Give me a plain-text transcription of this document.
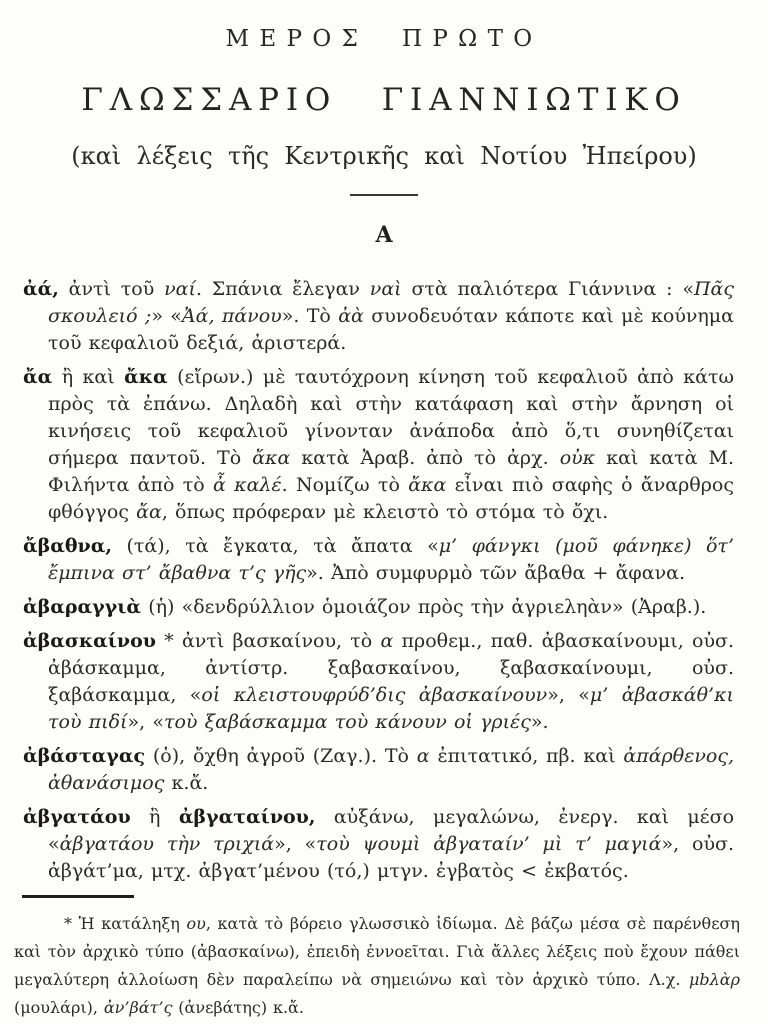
ΜΕΡΟΣ ΠΡΩΤΟ
ΓΛΩΣΣΑΡΙΟ ΓΙΑΝΝΙΩΤΙΚΟ

(καὶ λέξεις τῆς Κεντρικῆς καὶ Νοτίου Ἠπείρου)

Α

ἀά, ἀντὶ τοῦ ναί. Σπάνια ἔλεγαν ναὶ στὰ παλιότερα Γιάννινα : «Πᾶς σκουλειό ;» «Ἀά, πάνου». Τὸ ἀὰ συνοδευόταν κάποτε καὶ μὲ κούνημα τοῦ κεφαλιοῦ δεξιά, ἀριστερά.

ἄα ἢ καὶ ἄκα (εἴρων.) μὲ ταυτόχρονη κίνηση τοῦ κεφαλιοῦ ἀπὸ κάτω πρὸς τὰ ἐπάνω. Δηλαδὴ καὶ στὴν κατάφαση καὶ στὴν ἄρνηση οἱ κινήσεις τοῦ κεφαλιοῦ γίνονταν ἀνάποδα ἀπὸ ὅ,τι συνηθίζεται σήμερα παντοῦ. Τὸ ἄκα κατὰ Ἀραβ. ἀπὸ τὸ ἀρχ. οὐκ καὶ κατὰ Μ. Φιλήντα ἀπὸ τὸ ἆ καλέ. Νομίζω τὸ ἄκα εἶναι πιὸ σαφὴς ὁ ἄναρθρος φθόγγος ἄα, ὅπως πρόφεραν μὲ κλειστὸ τὸ στόμα τὸ ὄχι.

ἄβαθνα, (τά), τὰ ἔγκατα, τὰ ἄπατα «μ’ φάνγκι (μοῦ φάνηκε) ὅτ’ ἔμπινα στ’ ἄβαθνα τ’ς γῆς». Ἀπὸ συμφυρμὸ τῶν ἄβαθα + ἄφανα.

ἀβαραγγιὰ (ἡ) «δενδρύλλιον ὁμοιάζον πρὸς τὴν ἀγριεληὰν» (Ἀραβ.).

ἀβασκαίνου * ἀντὶ βασκαίνου, τὸ α προθεμ., παθ. ἀβασκαίνουμι, οὐσ. ἀβάσκαμμα, ἀντίστρ. ξαβασκαίνου, ξαβασκαίνουμι, οὐσ. ξαβάσκαμμα, «οἱ κλειστουφρύδ’δις ἀβασκαίνουν», «μ’ ἀβασκάθ’κι τοὺ πιδί», «τοὺ ξαβάσκαμμα τοὺ κάνουν οἱ γριές».

ἀβάσταγας (ὁ), ὄχθη ἀγροῦ (Ζαγ.). Τὸ α ἐπιτατικό, πβ. καὶ ἀπάρθενος, ἀθανάσιμος κ.ἄ.

ἀβγατάου ἢ ἀβγαταίνου, αὐξάνω, μεγαλώνω, ἐνεργ. καὶ μέσο «ἀβγατάου τὴν τριχιά», «τοὺ ψουμὶ ἀβγαταίν’ μὶ τ’ μαγιά», οὐσ. ἀβγάτ’μα, μτχ. ἀβγατ’μένου (τό,) μτγν. ἐγβατὸς < ἐκβατός.

* Ἡ κατάληξη ου, κατὰ τὸ βόρειο γλωσσικὸ ἰδίωμα. Δὲ βάζω μέσα σὲ παρένθεση καὶ τὸν ἀρχικὸ τύπο (ἀβασκαίνω), ἐπειδὴ ἐννοεῖται. Γιὰ ἄλλες λέξεις ποὺ ἔχουν πάθει μεγαλύτερη ἀλλοίωση δὲν παραλείπω νὰ σημειώνω καὶ τὸν ἀρχικὸ τύπο. Λ.χ. μbλὰρ (μουλάρι), ἀν’βάτ’ς (ἀνεβάτης) κ.ἄ.
